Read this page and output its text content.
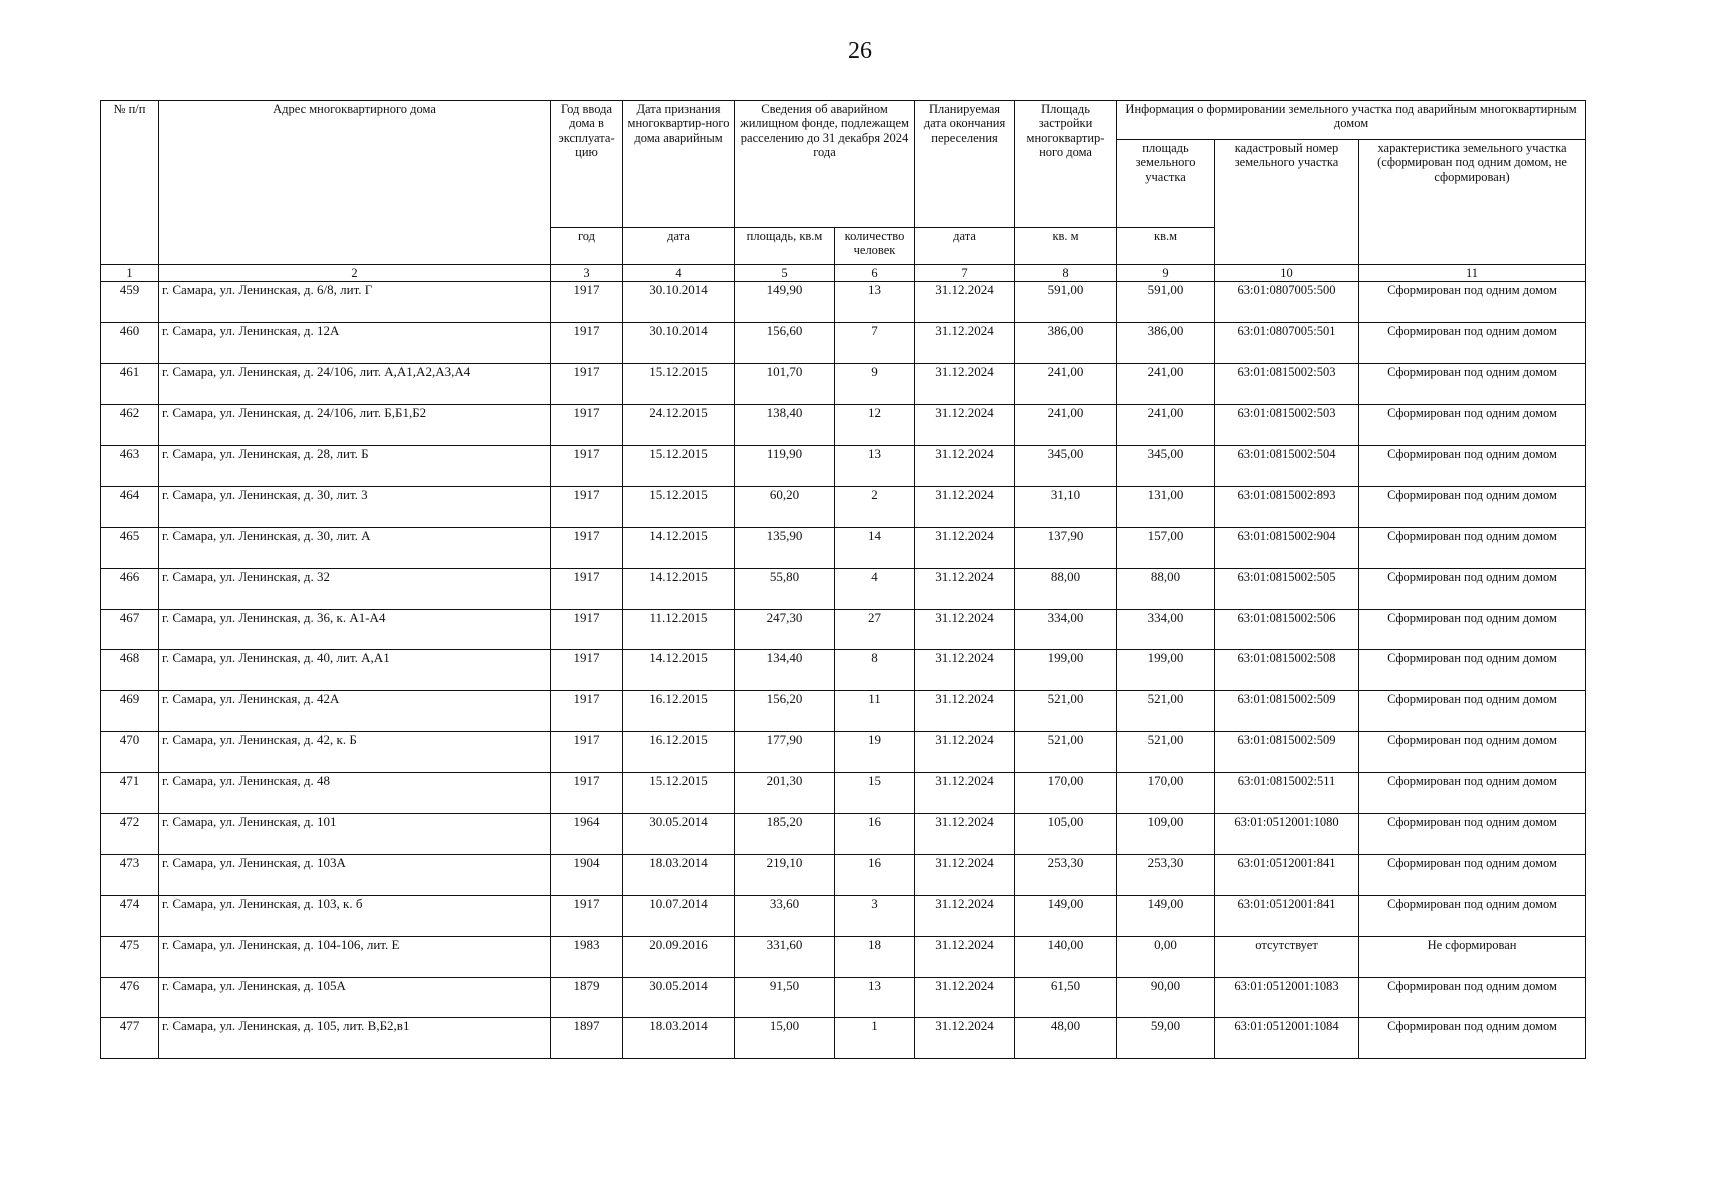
26
№ п/п	Адрес многоквартирного дома	Год ввода дома в эксплуата-цию	Дата признания многоквартир-ного дома аварийным	Сведения об аварийном жилищном фонде, подлежащем расселению до 31 декабря 2024 года		Планируемая дата окончания переселения	Площадь застройки многоквартир-ного дома	Информация о формировании земельного участка под аварийным многоквартирным домом		
								площадь земельного участка	кадастровый номер земельного участка	характеристика земельного участка (сформирован под одним домом, не сформирован)
		год	дата	площадь, кв.м	количество человек	дата	кв. м	кв.м		
1	2	3	4	5	6	7	8	9	10	11
459	г. Самара, ул. Ленинская, д. 6/8, лит. Г	1917	30.10.2014	149,90	13	31.12.2024	591,00	591,00	63:01:0807005:500	Сформирован под одним домом
460	г. Самара, ул. Ленинская, д. 12А	1917	30.10.2014	156,60	7	31.12.2024	386,00	386,00	63:01:0807005:501	Сформирован под одним домом
461	г. Самара, ул. Ленинская, д. 24/106, лит. А,А1,А2,А3,А4	1917	15.12.2015	101,70	9	31.12.2024	241,00	241,00	63:01:0815002:503	Сформирован под одним домом
462	г. Самара, ул. Ленинская, д. 24/106, лит. Б,Б1,Б2	1917	24.12.2015	138,40	12	31.12.2024	241,00	241,00	63:01:0815002:503	Сформирован под одним домом
463	г. Самара, ул. Ленинская, д. 28, лит. Б	1917	15.12.2015	119,90	13	31.12.2024	345,00	345,00	63:01:0815002:504	Сформирован под одним домом
464	г. Самара, ул. Ленинская, д. 30, лит. 3	1917	15.12.2015	60,20	2	31.12.2024	31,10	131,00	63:01:0815002:893	Сформирован под одним домом
465	г. Самара, ул. Ленинская, д. 30, лит. А	1917	14.12.2015	135,90	14	31.12.2024	137,90	157,00	63:01:0815002:904	Сформирован под одним домом
466	г. Самара, ул. Ленинская, д. 32	1917	14.12.2015	55,80	4	31.12.2024	88,00	88,00	63:01:0815002:505	Сформирован под одним домом
467	г. Самара, ул. Ленинская, д. 36, к. А1-А4	1917	11.12.2015	247,30	27	31.12.2024	334,00	334,00	63:01:0815002:506	Сформирован под одним домом
468	г. Самара, ул. Ленинская, д. 40, лит. А,А1	1917	14.12.2015	134,40	8	31.12.2024	199,00	199,00	63:01:0815002:508	Сформирован под одним домом
469	г. Самара, ул. Ленинская, д. 42А	1917	16.12.2015	156,20	11	31.12.2024	521,00	521,00	63:01:0815002:509	Сформирован под одним домом
470	г. Самара, ул. Ленинская, д. 42, к. Б	1917	16.12.2015	177,90	19	31.12.2024	521,00	521,00	63:01:0815002:509	Сформирован под одним домом
471	г. Самара, ул. Ленинская, д. 48	1917	15.12.2015	201,30	15	31.12.2024	170,00	170,00	63:01:0815002:511	Сформирован под одним домом
472	г. Самара, ул. Ленинская, д. 101	1964	30.05.2014	185,20	16	31.12.2024	105,00	109,00	63:01:0512001:1080	Сформирован под одним домом
473	г. Самара, ул. Ленинская, д. 103А	1904	18.03.2014	219,10	16	31.12.2024	253,30	253,30	63:01:0512001:841	Сформирован под одним домом
474	г. Самара, ул. Ленинская, д. 103, к. б	1917	10.07.2014	33,60	3	31.12.2024	149,00	149,00	63:01:0512001:841	Сформирован под одним домом
475	г. Самара, ул. Ленинская, д. 104-106, лит. Е	1983	20.09.2016	331,60	18	31.12.2024	140,00	0,00	отсутствует	Не сформирован
476	г. Самара, ул. Ленинская, д. 105А	1879	30.05.2014	91,50	13	31.12.2024	61,50	90,00	63:01:0512001:1083	Сформирован под одним домом
477	г. Самара, ул. Ленинская, д. 105, лит. В,Б2,в1	1897	18.03.2014	15,00	1	31.12.2024	48,00	59,00	63:01:0512001:1084	Сформирован под одним домом
